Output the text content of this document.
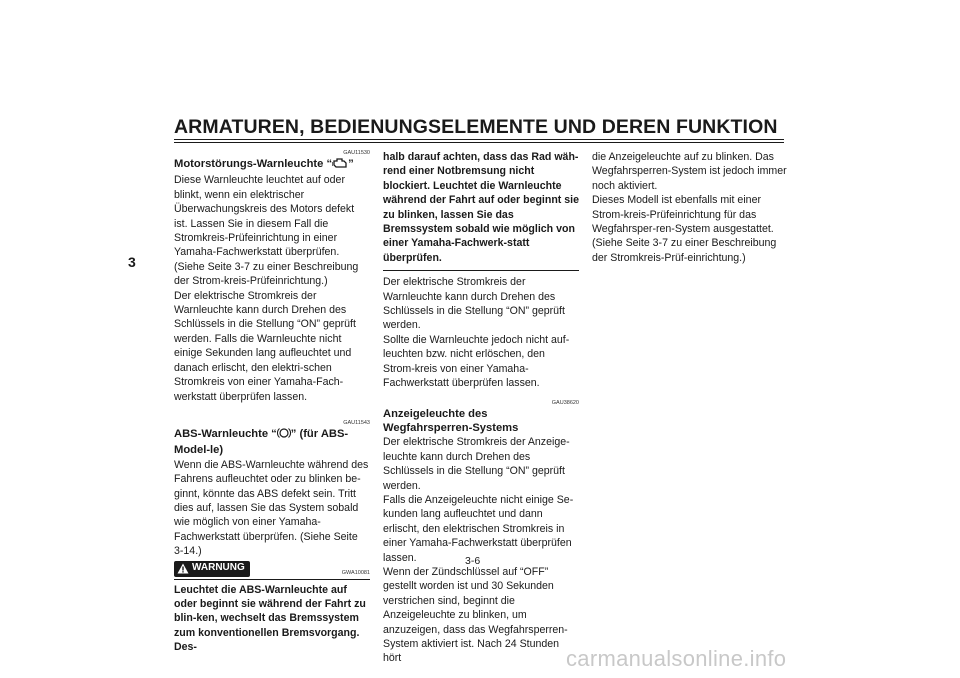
ARMATUREN, BEDIENUNGSELEMENTE UND DEREN FUNKTION
3

GAU11530

Motorstörungs-Warnleuchte “ ”

Diese Warnleuchte leuchtet auf oder blinkt, wenn ein elektrischer Überwachungskreis des Motors defekt ist. Lassen Sie in diesem Fall die Stromkreis-Prüfeinrichtung in einer Yamaha-Fachwerkstatt überprüfen. (Siehe Seite 3-7 zu einer Beschreibung der Strom-kreis-Prüfeinrichtung.)

Der elektrische Stromkreis der Warnleuchte kann durch Drehen des Schlüssels in die Stellung “ON” geprüft werden. Falls die Warnleuchte nicht einige Sekunden lang aufleuchtet und danach erlischt, den elektri-schen Stromkreis von einer Yamaha-Fach-werkstatt überprüfen lassen.

GAU11543

ABS-Warnleuchte “ ” (für ABS-Model-le)

Wenn die ABS-Warnleuchte während des Fahrens aufleuchtet oder zu blinken be-ginnt, könnte das ABS defekt sein. Tritt dies auf, lassen Sie das System sobald wie möglich von einer Yamaha-Fachwerkstatt überprüfen. (Siehe Seite 3-14.)

WARNUNG	GWA10081

Leuchtet die ABS-Warnleuchte auf oder beginnt sie während der Fahrt zu blin-ken, wechselt das Bremssystem zum konventionellen Bremsvorgang. Des-

halb darauf achten, dass das Rad wäh-rend einer Notbremsung nicht blockiert. Leuchtet die Warnleuchte während der Fahrt auf oder beginnt sie zu blinken, lassen Sie das Bremssystem sobald wie möglich von einer Yamaha-Fachwerk-statt überprüfen.

Der elektrische Stromkreis der Warnleuchte kann durch Drehen des Schlüssels in die Stellung “ON” geprüft werden.

Sollte die Warnleuchte jedoch nicht auf-leuchten bzw. nicht erlöschen, den Strom-kreis von einer Yamaha-Fachwerkstatt überprüfen lassen.

GAU38620

Anzeigeleuchte des Wegfahrsperren-Systems

Der elektrische Stromkreis der Anzeige-leuchte kann durch Drehen des Schlüssels in die Stellung “ON” geprüft werden.

Falls die Anzeigeleuchte nicht einige Se-kunden lang aufleuchtet und dann erlischt, den elektrischen Stromkreis in einer Yamaha-Fachwerkstatt überprüfen lassen.

Wenn der Zündschlüssel auf “OFF” gestellt worden ist und 30 Sekunden verstrichen sind, beginnt die Anzeigeleuchte zu blinken, um anzuzeigen, dass das Wegfahrsperren-System aktiviert ist. Nach 24 Stunden hört

die Anzeigeleuchte auf zu blinken. Das Wegfahrsperren-System ist jedoch immer noch aktiviert.

Dieses Modell ist ebenfalls mit einer Strom-kreis-Prüfeinrichtung für das Wegfahrsper-ren-System ausgestattet. (Siehe Seite 3-7 zu einer Beschreibung der Stromkreis-Prüf-einrichtung.)

3-6
carmanualsonline.info
